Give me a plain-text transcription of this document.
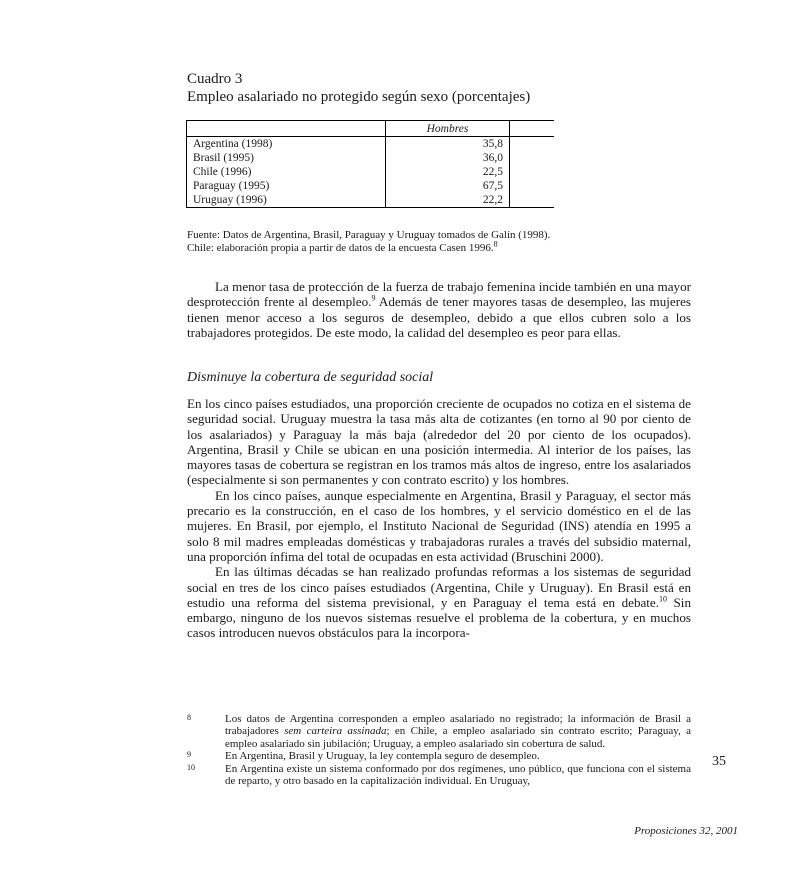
Cuadro 3
Empleo asalariado no protegido según sexo (porcentajes)
	Hombres	
Argentina (1998)	35,8	
Brasil (1995)	36,0	
Chile (1996)	22,5	
Paraguay (1995)	67,5	
Uruguay (1996)	22,2	
Fuente: Datos de Argentina, Brasil, Paraguay y Uruguay tomados de Galín (1998).
Chile: elaboración propia a partir de datos de la encuesta Casen 1996.$^8$

La menor tasa de protección de la fuerza de trabajo femenina incide también en una mayor desprotección frente al desempleo.$^9$ Además de tener mayores tasas de desempleo, las mujeres tienen menor acceso a los seguros de desempleo, debido a que ellos cubren solo a los trabajadores protegidos. De este modo, la calidad del desempleo es peor para ellas.

Disminuye la cobertura de seguridad social

En los cinco países estudiados, una proporción creciente de ocupados no cotiza en el sistema de seguridad social. Uruguay muestra la tasa más alta de cotizantes (en torno al 90 por ciento de los asalariados) y Paraguay la más baja (alrededor del 20 por ciento de los ocupados). Argentina, Brasil y Chile se ubican en una posición intermedia. Al interior de los países, las mayores tasas de cobertura se registran en los tramos más altos de ingreso, entre los asalariados (especialmente si son permanentes y con contrato escrito) y los hombres.

En los cinco países, aunque especialmente en Argentina, Brasil y Paraguay, el sector más precario es la construcción, en el caso de los hombres, y el servicio doméstico en el de las mujeres. En Brasil, por ejemplo, el Instituto Nacional de Seguridad (INS) atendía en 1995 a solo 8 mil madres empleadas domésticas y trabajadoras rurales a través del subsidio maternal, una proporción ínfima del total de ocupadas en esta actividad (Bruschini 2000).

En las últimas décadas se han realizado profundas reformas a los sistemas de seguridad social en tres de los cinco países estudiados (Argentina, Chile y Uruguay). En Brasil está en estudio una reforma del sistema previsional, y en Paraguay el tema está en debate.$^{10}$ Sin embargo, ninguno de los nuevos sistemas resuelve el problema de la cobertura, y en muchos casos introducen nuevos obstáculos para la incorpora-

8	Los datos de Argentina corresponden a empleo asalariado no registrado; la información de Brasil a trabajadores sem carteira assinada; en Chile, a empleo asalariado sin contrato escrito; Paraguay, a empleo asalariado sin jubilación; Uruguay, a empleo asalariado sin cobertura de salud.
9	En Argentina, Brasil y Uruguay, la ley contempla seguro de desempleo.
10	En Argentina existe un sistema conformado por dos regímenes, uno público, que funciona con el sistema de reparto, y otro basado en la capitalización individual. En Uruguay,
35
Proposiciones 32, 2001
